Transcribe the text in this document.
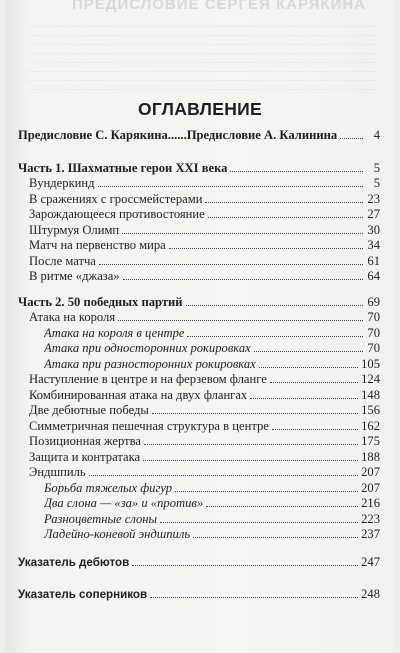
ПРЕДИСЛОВИЕ СЕРГЕЯ КАРЯКИНА
ОГЛАВЛЕНИЕ
Предисловие С. Карякина......Предисловие А. Калинина	4
Часть 1. Шахматные герои XXI века	5
Вундеркинд	5
В сражениях с гроссмейстерами	23
Зарождающееся противостояние	27
Штурмуя Олимп	30
Матч на первенство мира	34
После матча	61
В ритме «джаза»	64
Часть 2. 50 победных партий	69
Атака на короля	70
Атака на короля в центре	70
Атака при односторонних рокировках	70
Атака при разносторонних рокировках	105
Наступление в центре и на ферзевом фланге	124
Комбинированная атака на двух флангах	148
Две дебютные победы	156
Симметричная пешечная структура в центре	162
Позиционная жертва	175
Защита и контратака	188
Эндшпиль	207
Борьба тяжелых фигур	207
Два слона — «за» и «против»	216
Разноцветные слоны	223
Ладейно-коневой эндшпиль	237
Указатель дебютов	247
Указатель соперников	248
